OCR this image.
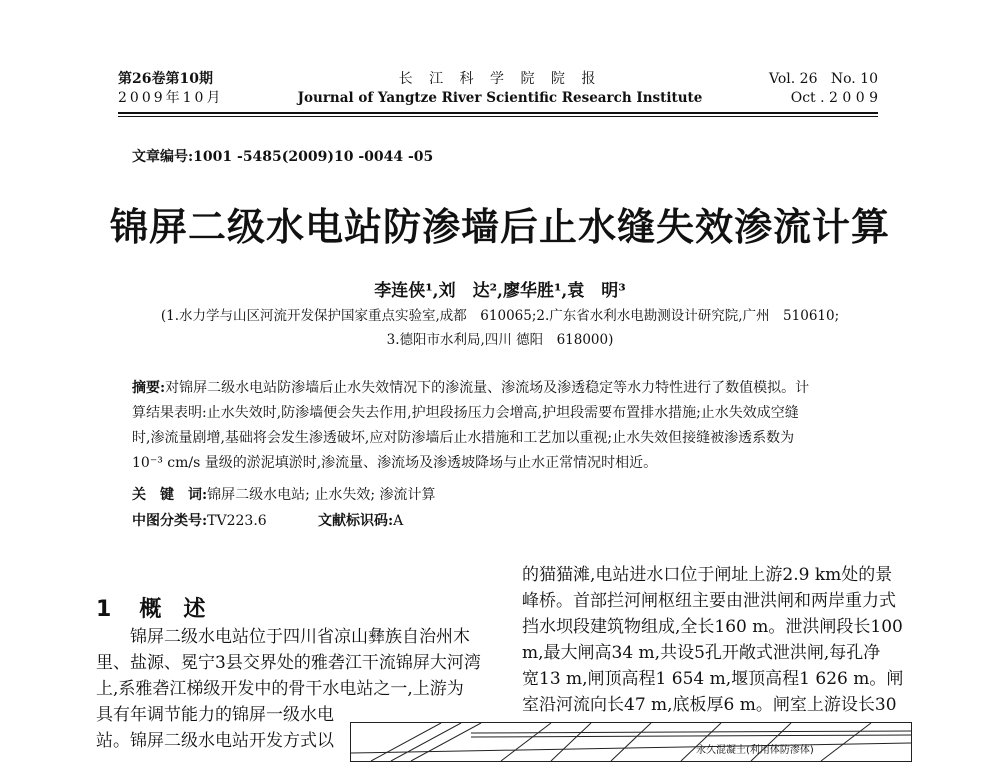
第26卷第10期
2009年10月
长 江 科 学 院 院 报
Journal of Yangtze River Scientific Research Institute
Vol. 26   No. 10
Oct . 2 0 0 9
文章编号:1001 -5485(2009)10 -0044 -05
锦屏二级水电站防渗墙后止水缝失效渗流计算
李连侠¹,刘　达²,廖华胜¹,袁　明³
(1.水力学与山区河流开发保护国家重点实验室,成都　610065;2.广东省水利水电勘测设计研究院,广州　510610;
3.德阳市水利局,四川 德阳　618000)
摘要:对锦屏二级水电站防渗墙后止水失效情况下的渗流量、渗流场及渗透稳定等水力特性进行了数值模拟。计
算结果表明:止水失效时,防渗墙便会失去作用,护坦段扬压力会增高,护坦段需要布置排水措施;止水失效成空缝
时,渗流量剧增,基础将会发生渗透破坏,应对防渗墙后止水措施和工艺加以重视;止水失效但接缝被渗透系数为
10⁻³ cm/s 量级的淤泥填淤时,渗流量、渗流场及渗透坡降场与止水正常情况时相近。
关　键　词:锦屏二级水电站; 止水失效; 渗流计算
中图分类号:TV223.6	文献标识码:A
1 概　述
　　锦屏二级水电站位于四川省凉山彝族自治州木
里、盐源、冕宁3县交界处的雅砻江干流锦屏大河湾
上,系雅砻江梯级开发中的骨干水电站之一,上游为
具有年调节能力的锦屏一级水电
站。锦屏二级水电站开发方式以
的猫猫滩,电站进水口位于闸址上游2.9 km处的景
峰桥。首部拦河闸枢纽主要由泄洪闸和两岸重力式
挡水坝段建筑物组成,全长160 m。泄洪闸段长100
m,最大闸高34 m,共设5孔开敞式泄洪闸,每孔净
宽13 m,闸顶高程1 654 m,堰顶高程1 626 m。闸
室沿河流向长47 m,底板厚6 m。闸室上游设长30
永久混凝土(利用体防渗体)
